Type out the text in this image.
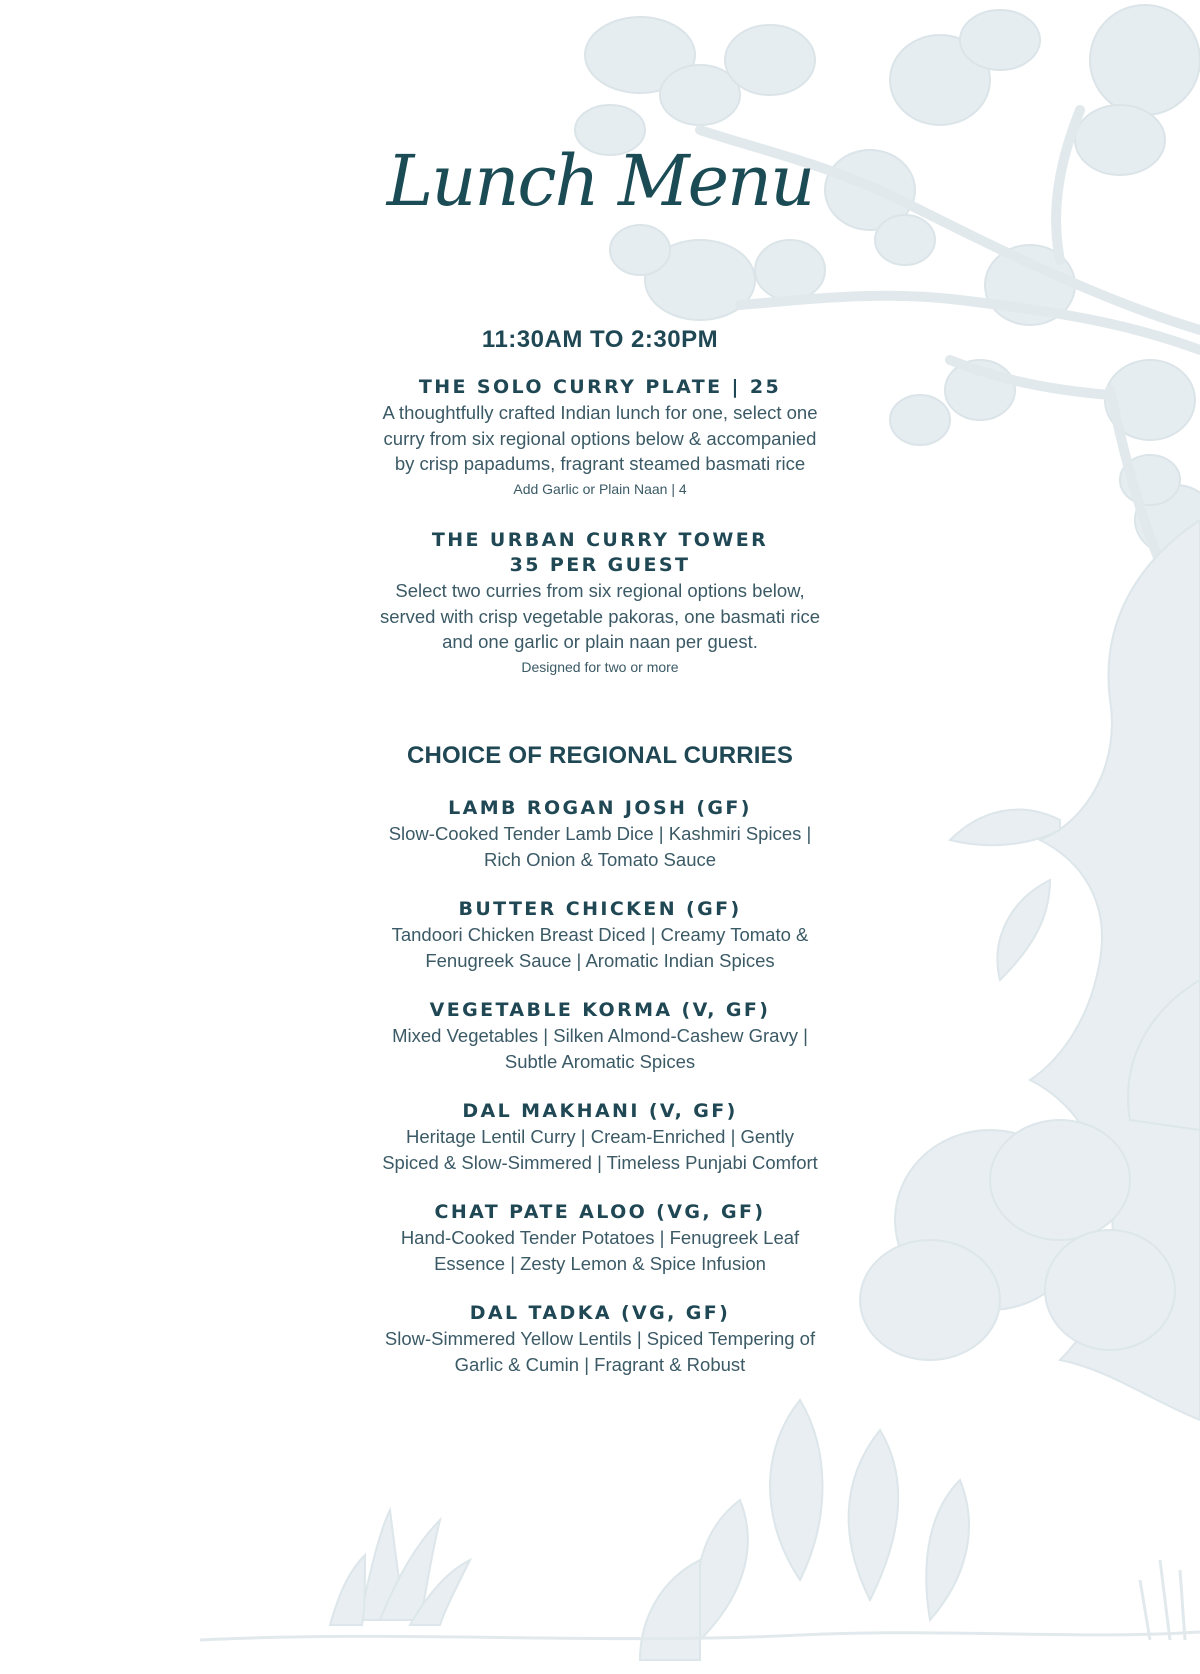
Lunch Menu
11:30AM TO 2:30PM
THE SOLO CURRY PLATE | 25
A thoughtfully crafted Indian lunch for one, select one
curry from six regional options below & accompanied
by crisp papadums, fragrant steamed basmati rice
Add Garlic or Plain Naan | 4
THE URBAN CURRY TOWER
35 PER GUEST
Select two curries from six regional options below,
served with crisp vegetable pakoras, one basmati rice
and one garlic or plain naan per guest.
Designed for two or more
CHOICE OF REGIONAL CURRIES
LAMB ROGAN JOSH (GF)
Slow-Cooked Tender Lamb Dice | Kashmiri Spices |
Rich Onion & Tomato Sauce
BUTTER CHICKEN (GF)
Tandoori Chicken Breast Diced | Creamy Tomato &
Fenugreek Sauce | Aromatic Indian Spices
VEGETABLE KORMA (V, GF)
Mixed Vegetables | Silken Almond-Cashew Gravy |
Subtle Aromatic Spices
DAL MAKHANI (V, GF)
Heritage Lentil Curry | Cream-Enriched | Gently
Spiced & Slow-Simmered | Timeless Punjabi Comfort
CHAT PATE ALOO (VG, GF)
Hand-Cooked Tender Potatoes | Fenugreek Leaf
Essence | Zesty Lemon & Spice Infusion
DAL TADKA (VG, GF)
Slow-Simmered Yellow Lentils | Spiced Tempering of
Garlic & Cumin | Fragrant & Robust
